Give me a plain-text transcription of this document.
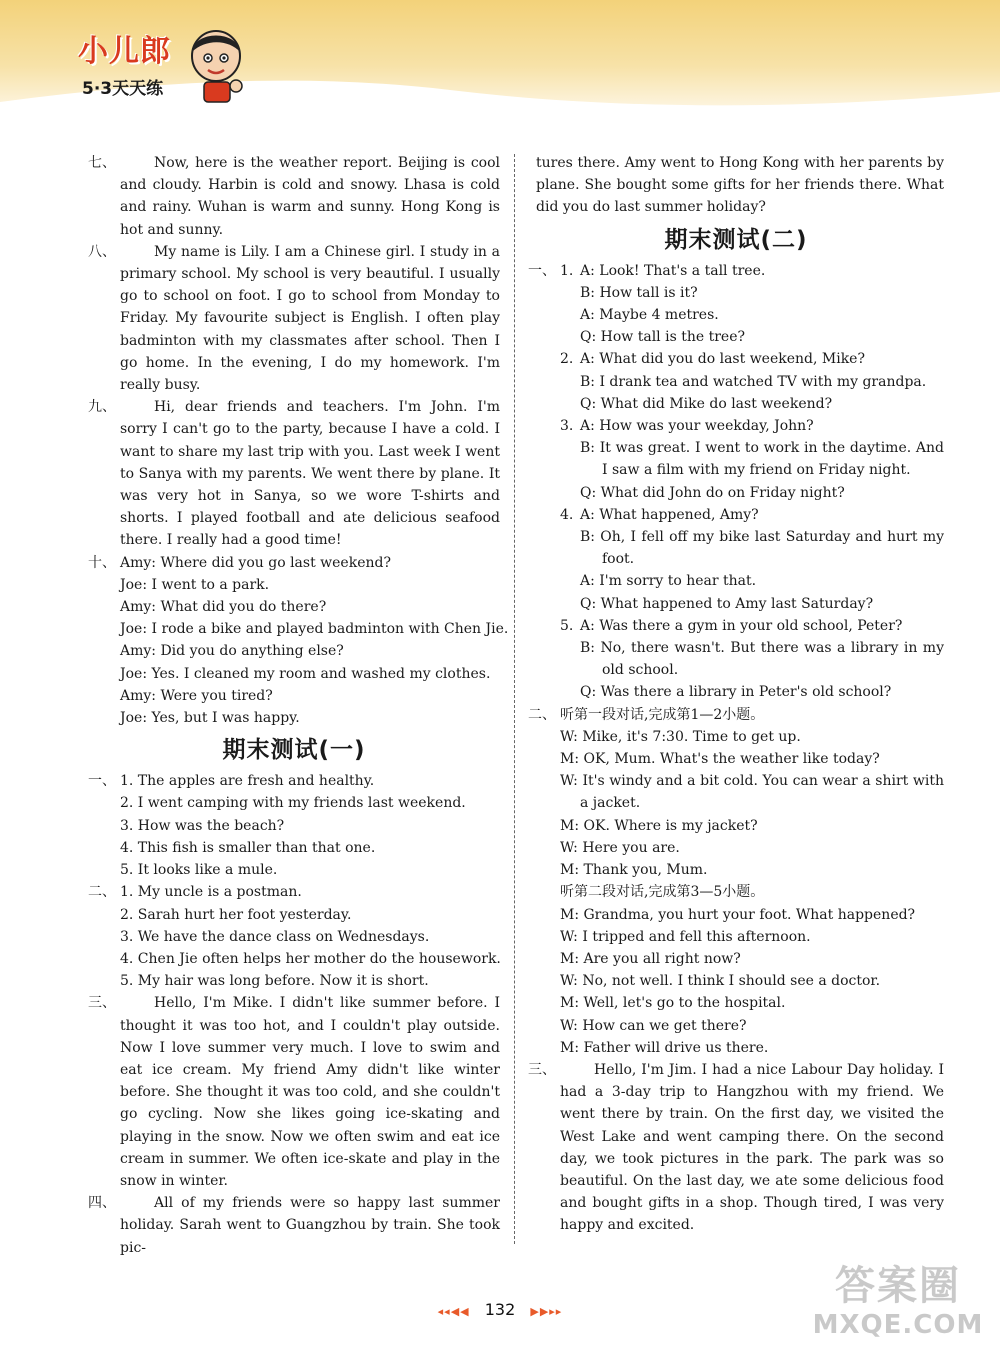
小儿郎
5·3天天练
七、	Now, here is the weather report. Beijing is cool and cloudy. Harbin is cold and snowy. Lhasa is cold and rainy. Wuhan is warm and sunny. Hong Kong is hot and sunny.
八、	My name is Lily. I am a Chinese girl. I study in a primary school. My school is very beautiful. I usually go to school on foot. I go to school from Monday to Friday. My favourite subject is English. I often play badminton with my classmates after school. Then I go home. In the evening, I do my homework. I'm really busy.
九、	Hi, dear friends and teachers. I'm John. I'm sorry I can't go to the party, because I have a cold. I want to share my last trip with you. Last week I went to Sanya with my parents. We went there by plane. It was very hot in Sanya, so we wore T-shirts and shorts. I played football and ate delicious seafood there. I really had a good time!
十、 Amy: Where did you go last weekend?
Joe: I went to a park.
Amy: What did you do there?
Joe: I rode a bike and played badminton with Chen Jie.
Amy: Did you do anything else?
Joe: Yes. I cleaned my room and washed my clothes.
Amy: Were you tired?
Joe: Yes, but I was happy.
期末测试(一)
一、 1. The apples are fresh and healthy.
2. I went camping with my friends last weekend.
3. How was the beach?
4. This fish is smaller than that one.
5. It looks like a mule.
二、 1. My uncle is a postman.
2. Sarah hurt her foot yesterday.
3. We have the dance class on Wednesdays.
4. Chen Jie often helps her mother do the housework.
5. My hair was long before. Now it is short.
三、	Hello, I'm Mike. I didn't like summer before. I thought it was too hot, and I couldn't play outside. Now I love summer very much. I love to swim and eat ice cream. My friend Amy didn't like winter before. She thought it was too cold, and she couldn't go cycling. Now she likes going ice-skating and playing in the snow. Now we often swim and eat ice cream in summer. We often ice-skate and play in the snow in winter.
四、	All of my friends were so happy last summer holiday. Sarah went to Guangzhou by train. She took pic-
tures there. Amy went to Hong Kong with her parents by plane. She bought some gifts for her friends there. What did you do last summer holiday?
期末测试(二)
一、 1. A: Look! That's a tall tree.
B: How tall is it?
A: Maybe 4 metres.
Q: How tall is the tree?
2. A: What did you do last weekend, Mike?
B: I drank tea and watched TV with my grandpa.
Q: What did Mike do last weekend?
3. A: How was your weekday, John?
B: It was great. I went to work in the daytime. And I saw a film with my friend on Friday night.
Q: What did John do on Friday night?
4. A: What happened, Amy?
B: Oh, I fell off my bike last Saturday and hurt my foot.
A: I'm sorry to hear that.
Q: What happened to Amy last Saturday?
5. A: Was there a gym in your old school, Peter?
B: No, there wasn't. But there was a library in my old school.
Q: Was there a library in Peter's old school?
二、 听第一段对话,完成第1—2小题。
W: Mike, it's 7:30. Time to get up.
M: OK, Mum. What's the weather like today?
W: It's windy and a bit cold. You can wear a shirt with a jacket.
M: OK. Where is my jacket?
W: Here you are.
M: Thank you, Mum.
听第二段对话,完成第3—5小题。
M: Grandma, you hurt your foot. What happened?
W: I tripped and fell this afternoon.
M: Are you all right now?
W: No, not well. I think I should see a doctor.
M: Well, let's go to the hospital.
W: How can we get there?
M: Father will drive us there.
三、	Hello, I'm Jim. I had a nice Labour Day holiday. I had a 3-day trip to Hangzhou with my friend. We went there by train. On the first day, we visited the West Lake and went camping there. On the second day, we took pictures in the park. The park was so beautiful. On the last day, we ate some delicious food and bought gifts in a shop. Though tired, I was very happy and excited.
◂◂◀◀ 132 ▶▶▸▸
答案圈
MXQE.COM
